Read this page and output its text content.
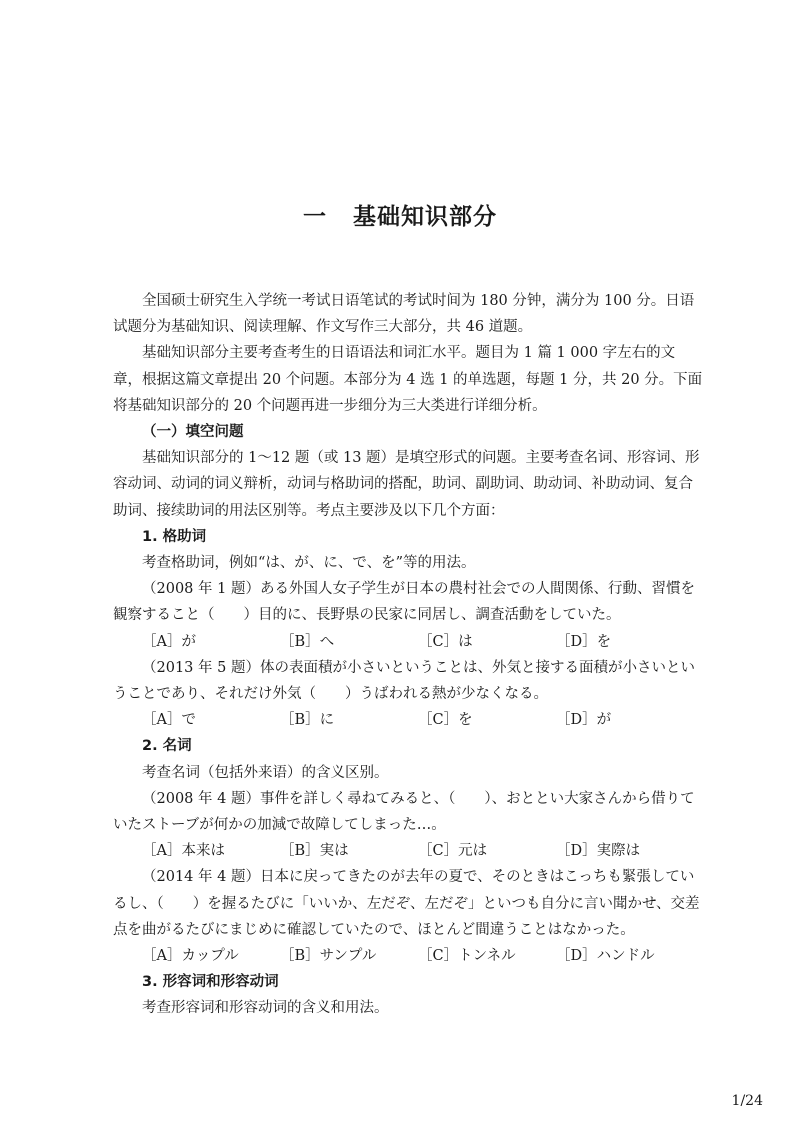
一 基础知识部分

全国硕士研究生入学统一考试日语笔试的考试时间为 180 分钟，满分为 100 分。日语试题分为基础知识、阅读理解、作文写作三大部分，共 46 道题。

基础知识部分主要考查考生的日语语法和词汇水平。题目为 1 篇 1 000 字左右的文章，根据这篇文章提出 20 个问题。本部分为 4 选 1 的单选题，每题 1 分，共 20 分。下面将基础知识部分的 20 个问题再进一步细分为三大类进行详细分析。

（一）填空问题

基础知识部分的 1～12 题（或 13 题）是填空形式的问题。主要考查名词、形容词、形容动词、动词的词义辩析，动词与格助词的搭配，助词、副助词、助动词、补助动词、复合助词、接续助词的用法区别等。考点主要涉及以下几个方面：

1. 格助词

考查格助词，例如“は、が、に、で、を”等的用法。

（2008 年 1 题）ある外国人女子学生が日本の農村社会での人間関係、行動、習慣を観察すること（　　）目的に、長野県の民家に同居し、調査活動をしていた。

［A］が	［B］へ	［C］は	［D］を

（2013 年 5 题）体の表面積が小さいということは、外気と接する面積が小さいということであり、それだけ外気（　　）うばわれる熱が少なくなる。

［A］で	［B］に	［C］を	［D］が

2. 名词

考查名词（包括外来语）的含义区别。

（2008 年 4 题）事件を詳しく尋ねてみると、（　　）、おととい大家さんから借りていたストーブが何かの加減で故障してしまった…。

［A］本来は	［B］実は	［C］元は	［D］実際は

（2014 年 4 题）日本に戻ってきたのが去年の夏で、そのときはこっちも緊張しているし、（　　）を握るたびに「いいか、左だぞ、左だぞ」といつも自分に言い聞かせ、交差点を曲がるたびにまじめに確認していたので、ほとんど間違うことはなかった。

［A］カップル	［B］サンプル	［C］トンネル	［D］ハンドル

3. 形容词和形容动词

考查形容词和形容动词的含义和用法。

1/24
